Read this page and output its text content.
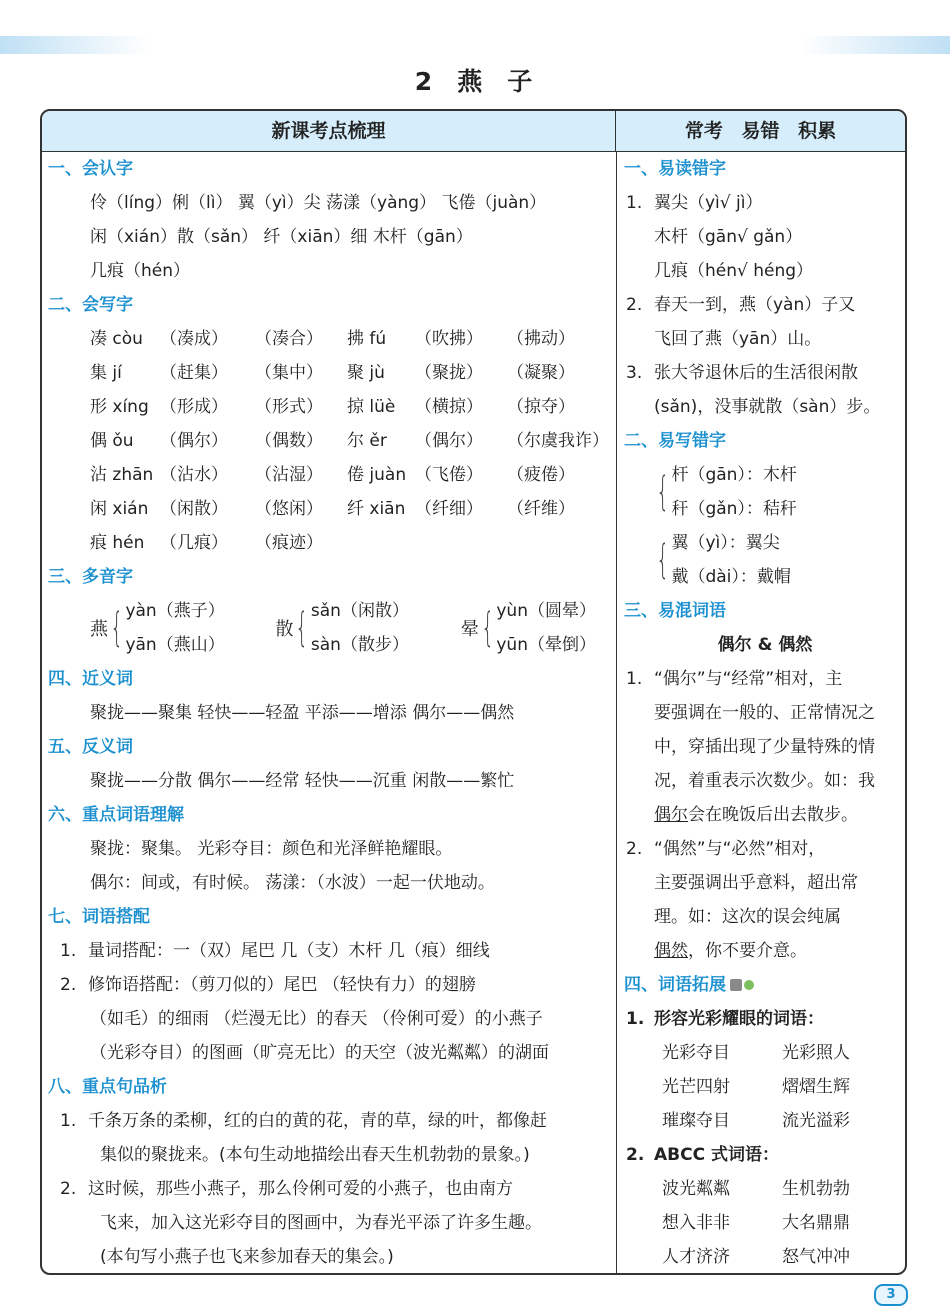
2 燕 子
新课考点梳理	常考 易错 积累
一、会认字
伶（líng）俐（lì） 翼（yì）尖 荡漾（yàng） 飞倦（juàn）
闲（xián）散（sǎn） 纤（xiān）细 木杆（gān）
几痕（hén）
二、会写字
凑 còu	（凑成）	（凑合）	拂 fú	（吹拂）	（拂动）
集 jí	（赶集）	（集中）	聚 jù	（聚拢）	（凝聚）
形 xíng （形成）	（形式）	掠 lüè	（横掠）	（掠夺）
偶 ǒu	（偶尔）	（偶数）	尔 ěr	（偶尔）	（尔虞我诈）
沾 zhān （沾水）	（沾湿）	倦 juàn （飞倦）	（疲倦）
闲 xián （闲散）	（悠闲）	纤 xiān （纤细）	（纤维）
痕 hén （几痕）	（痕迹）
三、多音字
燕 { yàn（燕子）
yān（燕山）
散 { sǎn（闲散）
sàn（散步）
晕 { yùn（圆晕）
yūn（晕倒）
四、近义词
聚拢——聚集 轻快——轻盈 平添——增添 偶尔——偶然
五、反义词
聚拢——分散 偶尔——经常 轻快——沉重 闲散——繁忙
六、重点词语理解
聚拢：聚集。 光彩夺目：颜色和光泽鲜艳耀眼。
偶尔：间或，有时候。 荡漾：（水波）一起一伏地动。
七、词语搭配
1. 量词搭配：一（双）尾巴 几（支）木杆 几（痕）细线
2. 修饰语搭配：（剪刀似的）尾巴 （轻快有力）的翅膀
（如毛）的细雨 （烂漫无比）的春天 （伶俐可爱）的小燕子
（光彩夺目）的图画（旷亮无比）的天空（波光粼粼）的湖面
八、重点句品析
1. 千条万条的柔柳，红的白的黄的花，青的草，绿的叶，都像赶
集似的聚拢来。(本句生动地描绘出春天生机勃勃的景象。)
2. 这时候，那些小燕子，那么伶俐可爱的小燕子，也由南方
飞来，加入这光彩夺目的图画中，为春光平添了许多生趣。
(本句写小燕子也飞来参加春天的集会。)
一、易读错字
1. 翼尖（yì√ jì）
木杆（gān√ gǎn）
几痕（hén√ héng）
2. 春天一到，燕（yàn）子又
飞回了燕（yān）山。
3. 张大爷退休后的生活很闲散
(sǎn)，没事就散（sàn）步。
二、易写错字
{ 杆（gān）：木杆
秆（gǎn）：秸秆
{ 翼（yì）：翼尖
戴（dài）：戴帽
三、易混词语
偶尔 & 偶然
1. “偶尔”与“经常”相对，主
要强调在一般的、正常情况之
中，穿插出现了少量特殊的情
况，着重表示次数少。如：我
偶尔会在晚饭后出去散步。
2. “偶然”与“必然”相对，
主要强调出乎意料，超出常
理。如：这次的误会纯属
偶然，你不要介意。
四、词语拓展
1. 形容光彩耀眼的词语：
光彩夺目	光彩照人
光芒四射	熠熠生辉
璀璨夺目	流光溢彩
2. ABCC 式词语：
波光粼粼	生机勃勃
想入非非	大名鼎鼎
人才济济	怒气冲冲
3
